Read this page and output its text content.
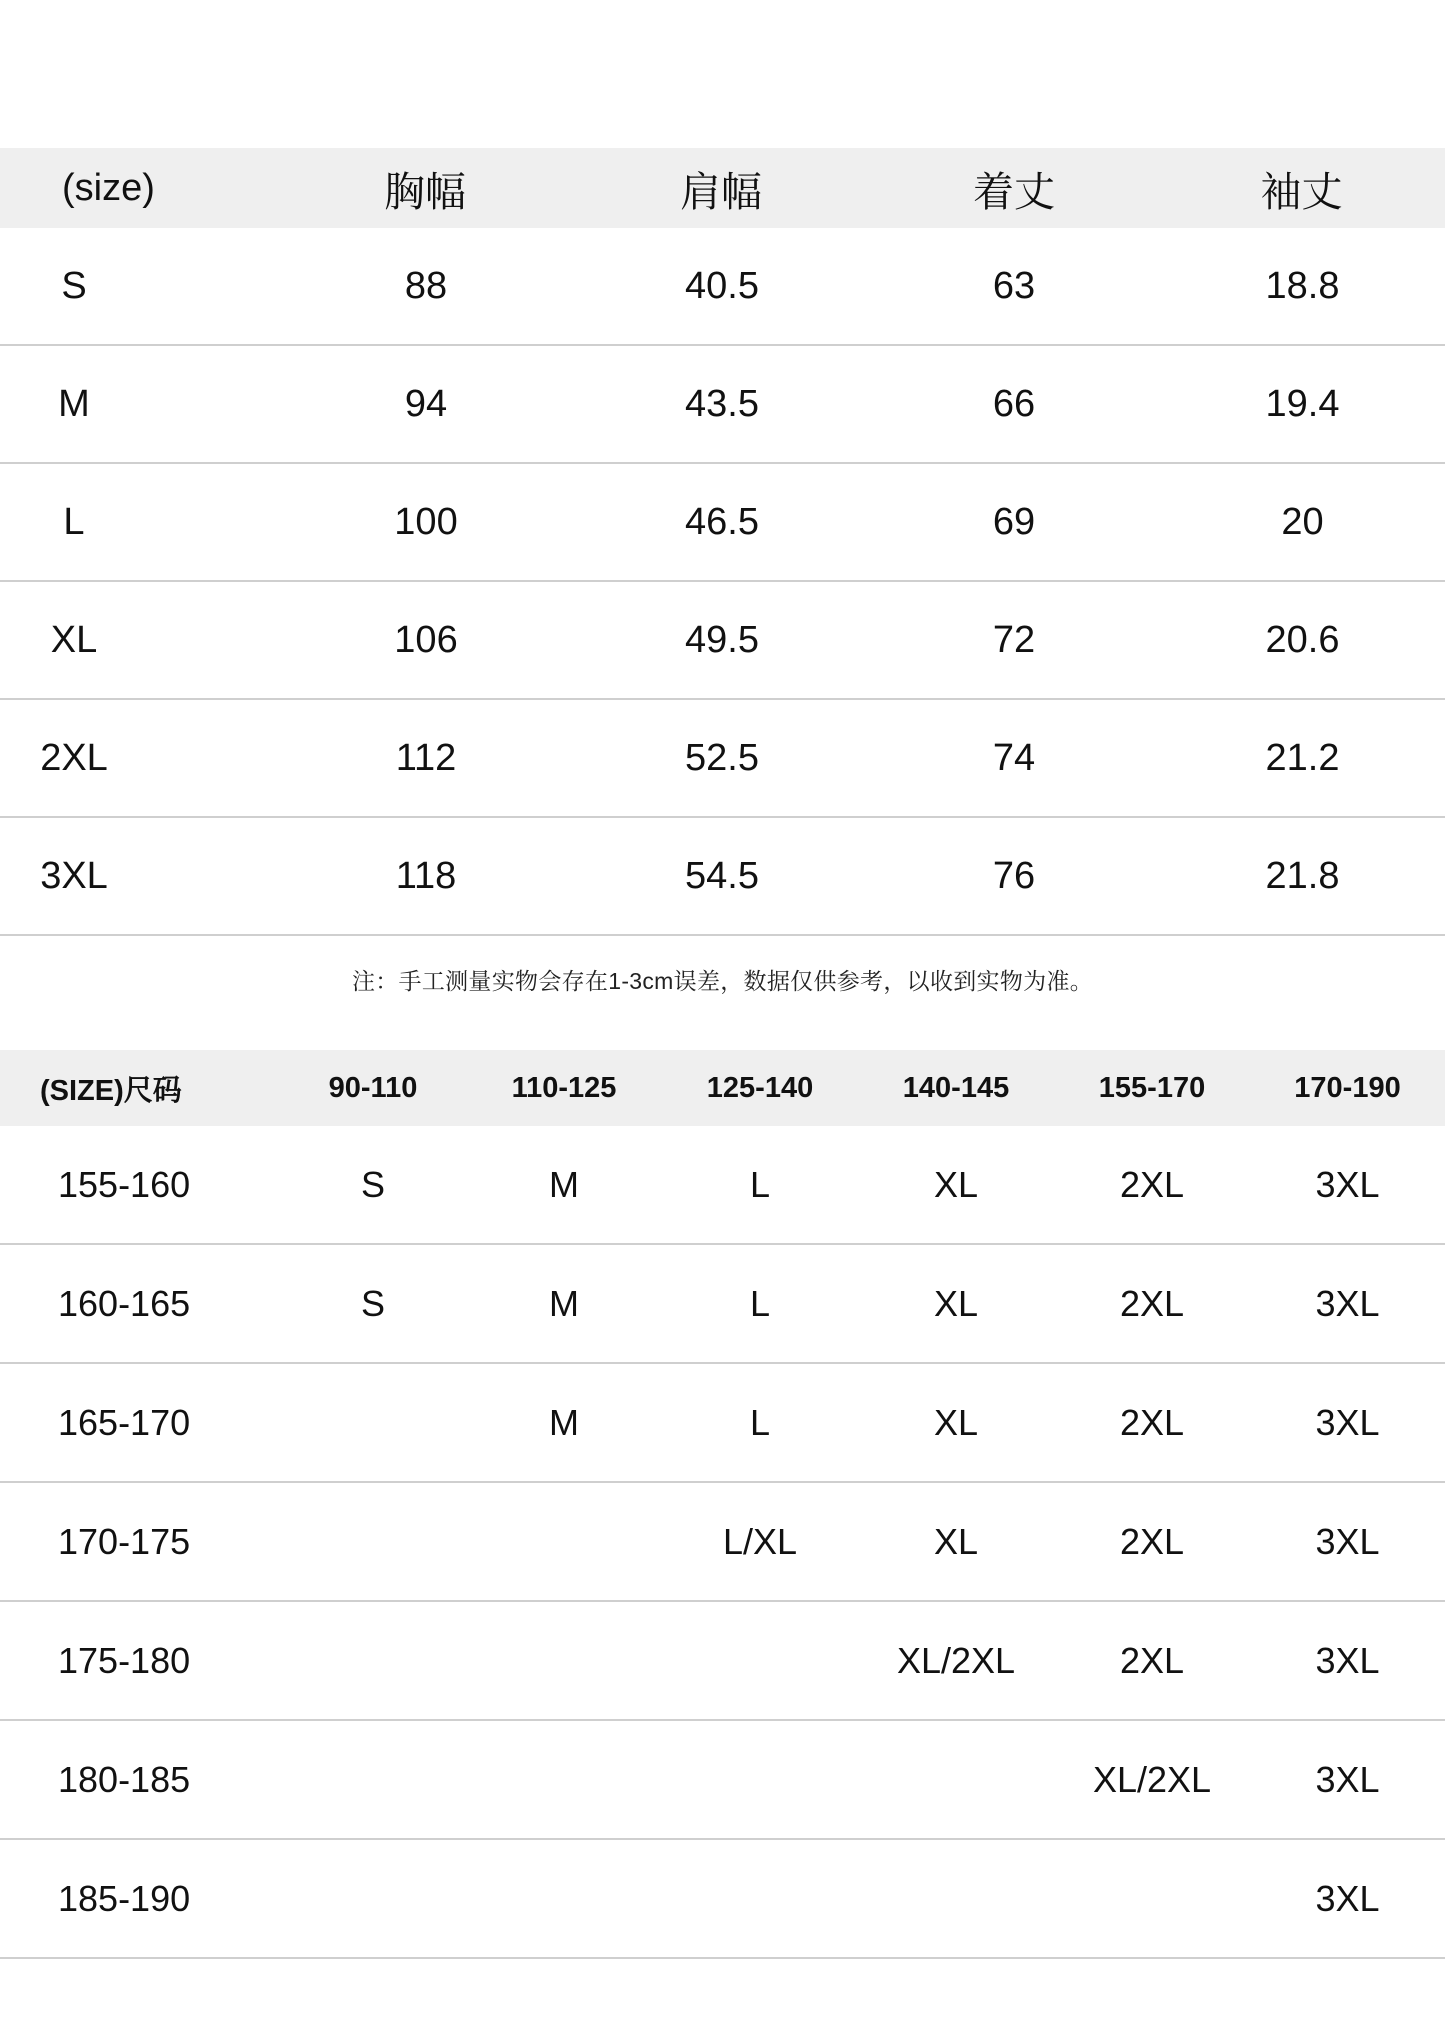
(size)	胸幅	肩幅	着丈	袖丈
S	88	40.5	63	18.8
M	94	43.5	66	19.4
L	100	46.5	69	20
XL	106	49.5	72	20.6
2XL	112	52.5	74	21.2
3XL	118	54.5	76	21.8
注：手工测量实物会存在1-3cm误差，数据仅供参考，以收到实物为准。
(SIZE)尺码	90-110	110-125	125-140	140-145	155-170	170-190
155-160	S	M	L	XL	2XL	3XL
160-165	S	M	L	XL	2XL	3XL
165-170		M	L	XL	2XL	3XL
170-175			L/XL	XL	2XL	3XL
175-180				XL/2XL	2XL	3XL
180-185					XL/2XL	3XL
185-190						3XL
